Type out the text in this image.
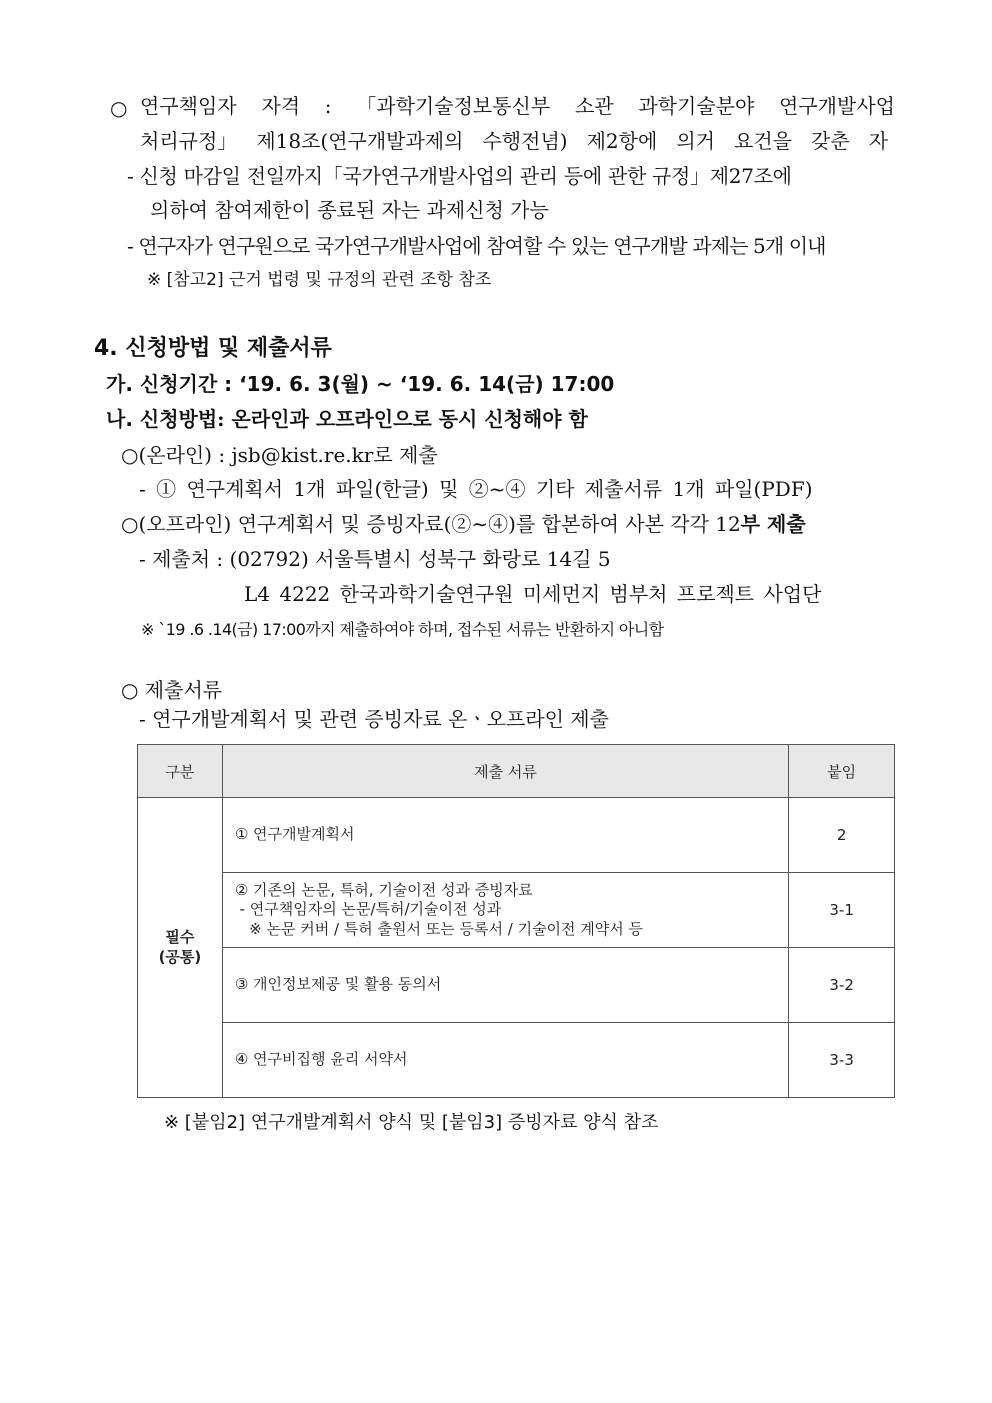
○ 연구책임자 자격 : 「과학기술정보통신부 소관 과학기술분야 연구개발사업
처리규정」 제18조(연구개발과제의 수행전념) 제2항에 의거 요건을 갖춘 자
- 신청 마감일 전일까지「국가연구개발사업의 관리 등에 관한 규정」제27조에
의하여 참여제한이 종료된 자는 과제신청 가능
- 연구자가 연구원으로 국가연구개발사업에 참여할 수 있는 연구개발 과제는 5개 이내
※ [참고2] 근거 법령 및 규정의 관련 조항 참조
4. 신청방법 및 제출서류
가. 신청기간 : ‘19. 6. 3(월) ~ ‘19. 6. 14(금) 17:00
나. 신청방법: 온라인과 오프라인으로 동시 신청해야 함
○(온라인) : jsb@kist.re.kr로 제출
- ① 연구계획서 1개 파일(한글) 및 ②~④ 기타 제출서류 1개 파일(PDF)
○(오프라인) 연구계획서 및 증빙자료(②∼④)를 합본하여 사본 각각 12부 제출
- 제출처 : (02792) 서울특별시 성북구 화랑로 14길 5
L4 4222 한국과학기술연구원 미세먼지 범부처 프로젝트 사업단
※ `19 .6 .14(금) 17:00까지 제출하여야 하며, 접수된 서류는 반환하지 아니함
○ 제출서류
- 연구개발계획서 및 관련 증빙자료 온ㆍ오프라인 제출
구분	제출 서류	붙임

필수
(공통)	① 연구개발계획서	2

	② 기존의 논문, 특허, 기술이전 성과 증빙자료
- 연구책임자의 논문/특허/기술이전 성과
※ 논문 커버 / 특허 출원서 또는 등록서 / 기술이전 계약서 등	3-1

	③ 개인정보제공 및 활용 동의서	3-2

	④ 연구비집행 윤리 서약서	3-3
※ [붙임2] 연구개발계획서 양식 및 [붙임3] 증빙자료 양식 참조
